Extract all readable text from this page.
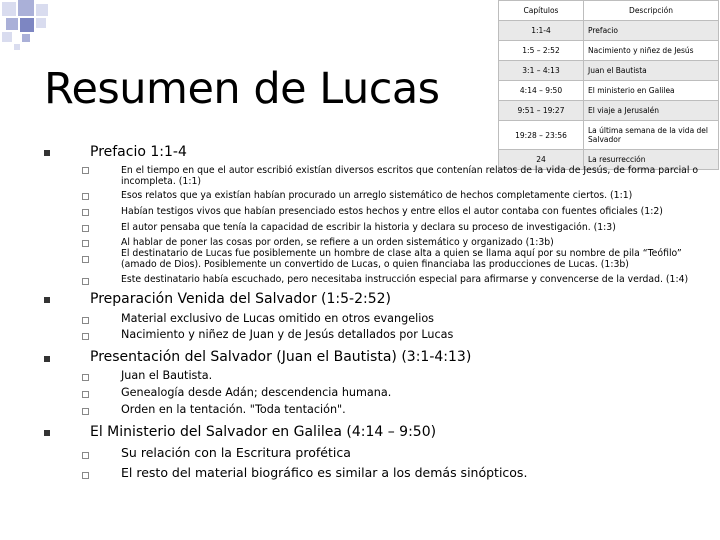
Resumen de Lucas
Capítulos	Descripción
1:1-4	Prefacio
1:5 – 2:52	Nacimiento y niñez de Jesús
3:1 – 4:13	Juan el Bautista
4:14 – 9:50	El ministerio en Galilea
9:51 – 19:27	El viaje a Jerusalén
19:28 – 23:56	La última semana de la vida del Salvador
24	La resurrección
Prefacio 1:1-4
En el tiempo en que el autor escribió existían diversos escritos que contenían relatos de la vida de Jesús, de forma parcial o incompleta. (1:1)
Esos relatos que ya existían habían procurado un arreglo sistemático de hechos completamente ciertos. (1:1)
Habían testigos vivos que habían presenciado estos hechos y entre ellos el autor contaba con fuentes oficiales (1:2)
El autor pensaba que tenía la capacidad de escribir la historia y declara su proceso de investigación. (1:3)
Al hablar de poner las cosas por orden, se refiere a un orden sistemático y organizado (1:3b)
El destinatario de Lucas fue posiblemente un hombre de clase alta a quien se llama aquí por su nombre de pila “Teófilo” (amado de Dios). Posiblemente un convertido de Lucas, o quien financiaba las producciones de Lucas. (1:3b)
Este destinatario había escuchado, pero necesitaba instrucción especial para afirmarse y convencerse de la verdad. (1:4)
Preparación Venida del Salvador (1:5-2:52)
Material exclusivo de Lucas omitido en otros evangelios
Nacimiento y niñez de Juan y de Jesús detallados por Lucas
Presentación del Salvador (Juan el Bautista) (3:1-4:13)
Juan el Bautista.
Genealogía desde Adán; descendencia humana.
Orden en la tentación. "Toda tentación".
El Ministerio del Salvador en Galilea (4:14 – 9:50)
Su relación con la Escritura profética
El resto del material biográfico es similar a los demás sinópticos.
